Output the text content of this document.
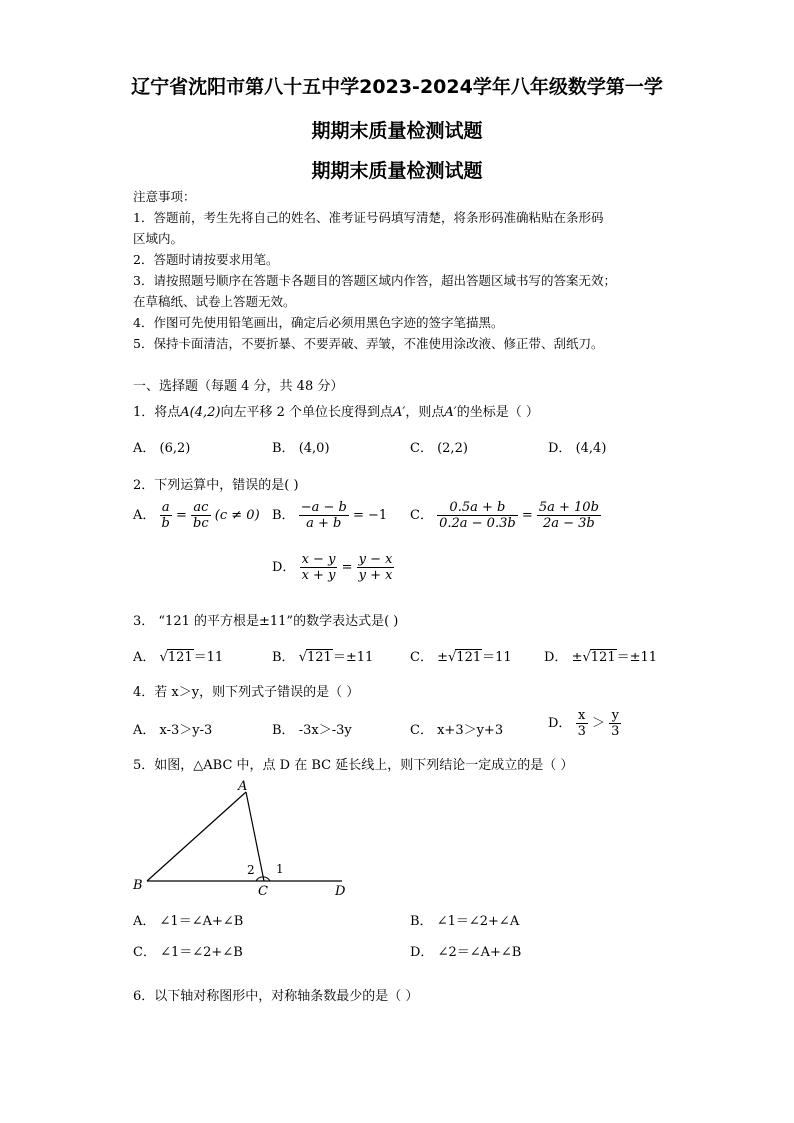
辽宁省沈阳市第八十五中学2023-2024学年八年级数学第一学
期期末质量检测试题
期期末质量检测试题
注意事项：
1．答题前，考生先将自己的姓名、准考证号码填写清楚，将条形码准确粘贴在条形码
区域内。
2．答题时请按要求用笔。
3．请按照题号顺序在答题卡各题目的答题区域内作答，超出答题区域书写的答案无效；
在草稿纸、试卷上答题无效。
4．作图可先使用铅笔画出，确定后必须用黑色字迹的签字笔描黑。
5．保持卡面清洁，不要折暴、不要弄破、弄皱，不准使用涂改液、修正带、刮纸刀。
一、选择题（每题 4 分，共 48 分）
1．将点A(4,2)向左平移 2 个单位长度得到点A′，则点A′的坐标是（ ）
A． (6,2)	B． (4,0)	C． (2,2)	D． (4,4)
2．下列运算中，错误的是( )
A． $\frac{a}{b} = \frac{ac}{bc} (c \ne 0)$ B． $\frac{-a - b}{a + b} = -1$ C． $\frac{0.5a + b}{0.2a - 0.3b} = \frac{5a + 10b}{2a - 3b}$
D． $\frac{x - y}{x + y} = \frac{y - x}{y + x}$
3． “121 的平方根是±11”的数学表达式是( )
A． √121＝11	B． √121＝±11	C． ±√121＝11 D． ±√121＝±11
4．若 x＞y，则下列式子错误的是（ ）
A． x-3＞y-3	B． -3x＞-3y	C． x+3＞y+3	D． $\frac{x}{3} > \frac{y}{3}$
5．如图，△ABC 中，点 D 在 BC 延长线上，则下列结论一定成立的是（ ）
A
B	C	D
1
2
A． ∠1＝∠A+∠B	B． ∠1＝∠2+∠A
C． ∠1＝∠2+∠B	D． ∠2＝∠A+∠B
6．以下轴对称图形中，对称轴条数最少的是（ ）
